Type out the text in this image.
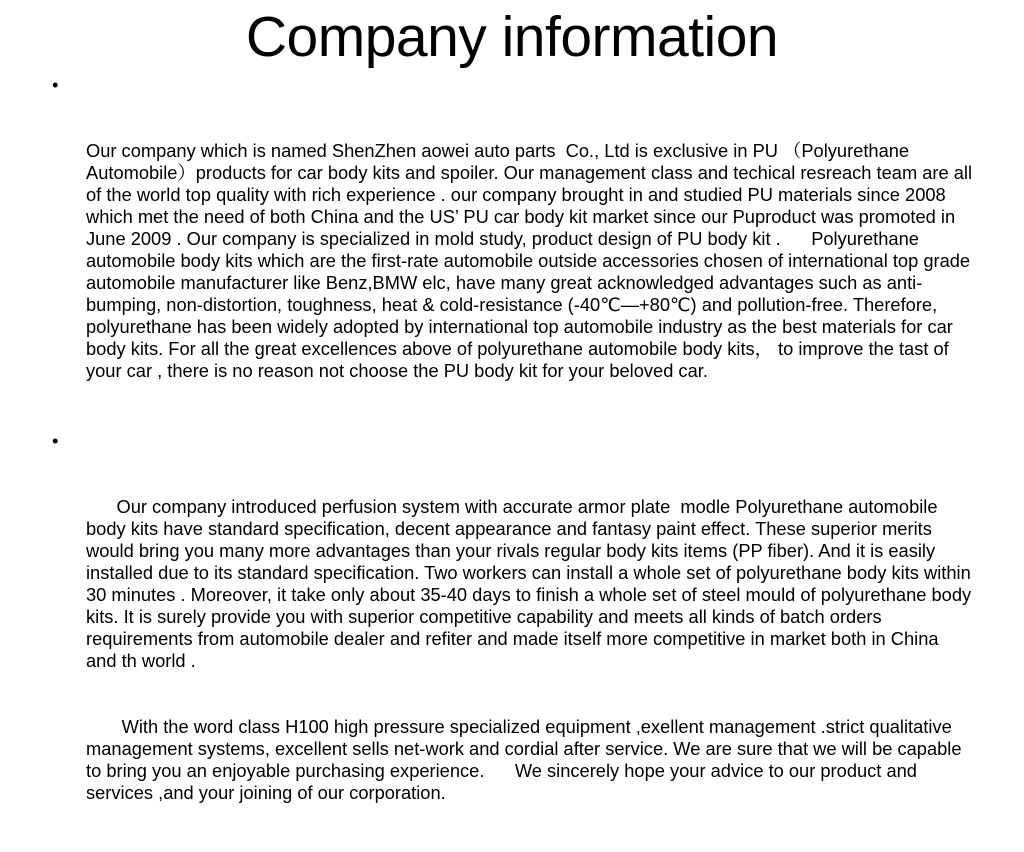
Company information

•

Our company which is named ShenZhen aowei auto parts  Co., Ltd is exclusive in PU （Polyurethane Automobile）products for car body kits and spoiler. Our management class and techical resreach team are all of the world top quality with rich experience . our company brought in and studied PU materials since 2008 which met the need of both China and the US’ PU car body kit market since our Puproduct was promoted in June 2009 . Our company is specialized in mold study, product design of PU body kit .      Polyurethane automobile body kits which are the first-rate automobile outside accessories chosen of international top grade automobile manufacturer like Benz,BMW elc, have many great acknowledged advantages such as anti-bumping, non-distortion, toughness, heat & cold-resistance (-40℃—+80℃) and pollution-free. Therefore, polyurethane has been widely adopted by international top automobile industry as the best materials for car body kits. For all the great excellences above of polyurethane automobile body kits， to improve the tast of your car , there is no reason not choose the PU body kit for your beloved car.

•

Our company introduced perfusion system with accurate armor plate  modle Polyurethane automobile body kits have standard specification, decent appearance and fantasy paint effect. These superior merits would bring you many more advantages than your rivals regular body kits items (PP fiber). And it is easily installed due to its standard specification. Two workers can install a whole set of polyurethane body kits within 30 minutes . Moreover, it take only about 35-40 days to finish a whole set of steel mould of polyurethane body kits. It is surely provide you with superior competitive capability and meets all kinds of batch orders requirements from automobile dealer and refiter and made itself more competitive in market both in China and th world .

With the word class H100 high pressure specialized equipment ,exellent management .strict qualitative management systems, excellent sells net-work and cordial after service. We are sure that we will be capable to bring you an enjoyable purchasing experience.      We sincerely hope your advice to our product and services ,and your joining of our corporation.
